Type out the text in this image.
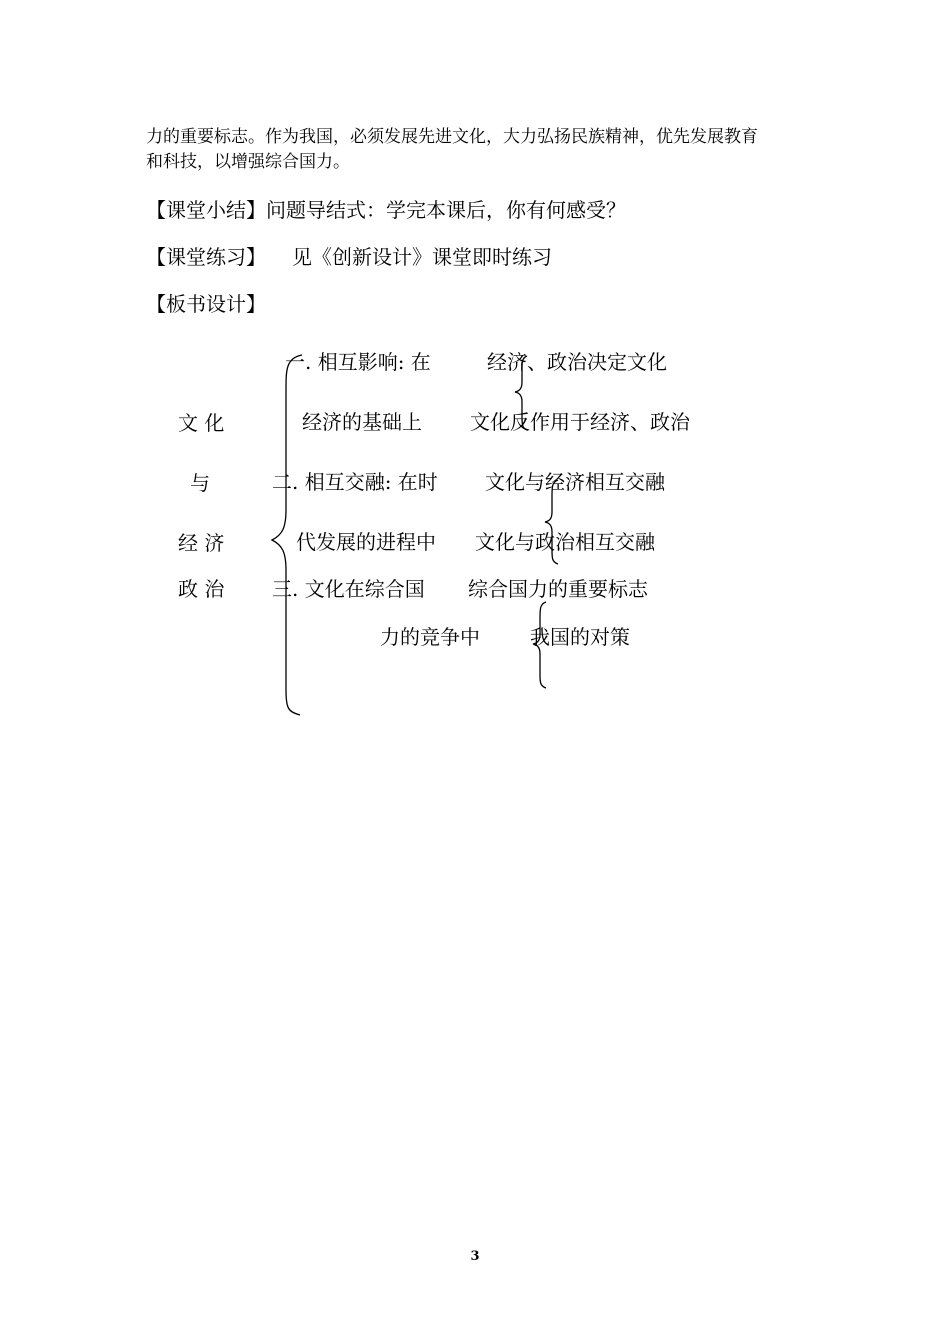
力的重要标志。作为我国，必须发展先进文化，大力弘扬民族精神，优先发展教育
和科技，以增强综合国力。
【课堂小结】问题导结式：学完本课后，你有何感受？
【课堂练习】 见《创新设计》课堂即时练习
【板书设计】
文 化
与
经 济
政 治
一. 相互影响: 在
经济的基础上
经济、政治决定文化
文化反作用于经济、政治
二. 相互交融: 在时
代发展的进程中
文化与经济相互交融
文化与政治相互交融
三. 文化在综合国
力的竞争中
综合国力的重要标志
我国的对策
3
